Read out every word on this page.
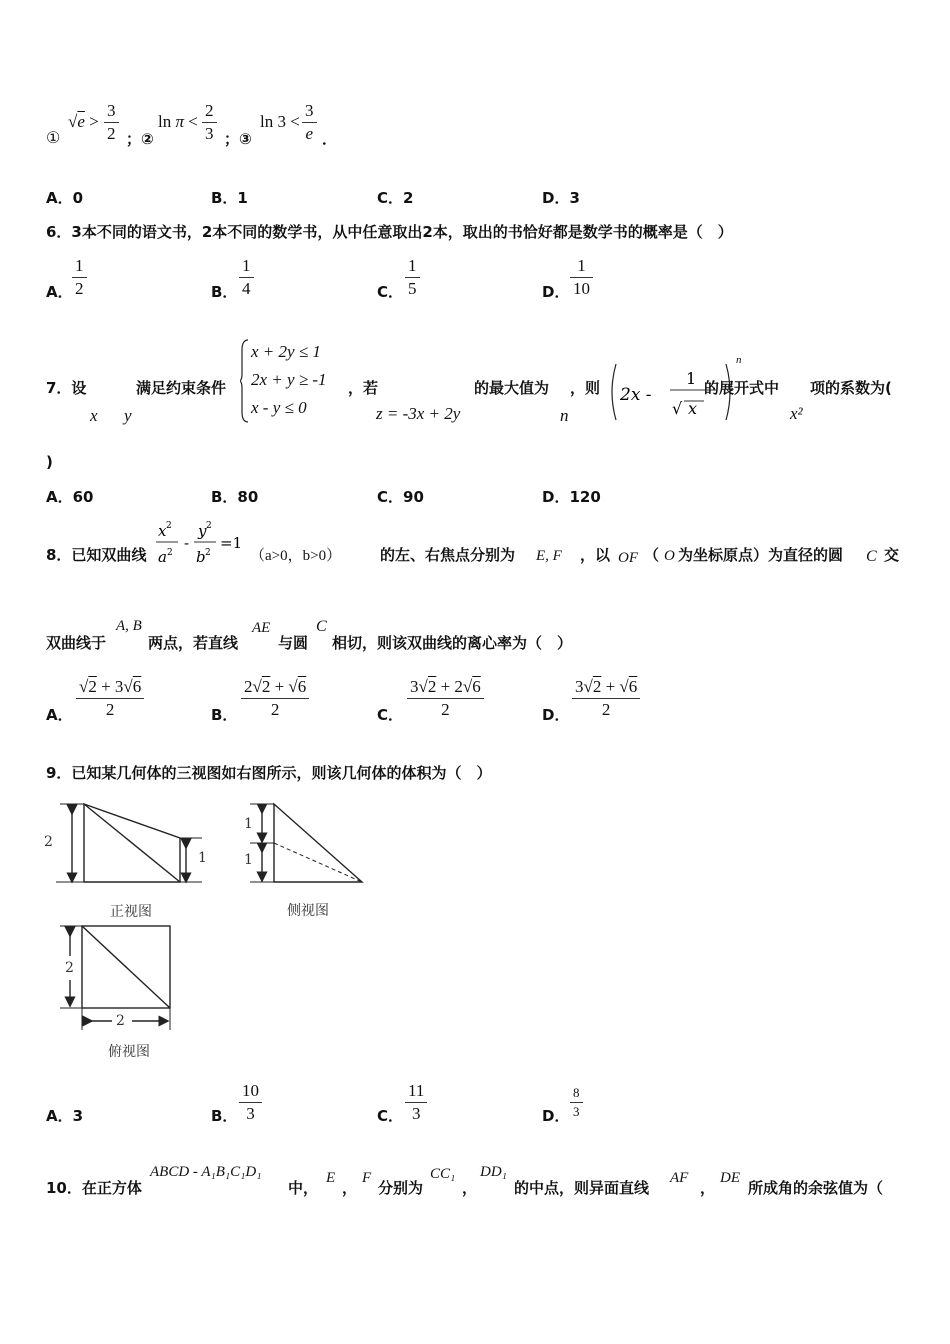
①
$√e > \frac{3}{2}$ ；②
$\ln \pi < \frac{2}{3}$ ；③
$\ln 3 < \frac{3}{e}$ ．
A．0	B．1	C．2	D．3
6．3本不同的语文书，2本不同的数学书，从中任意取出2本，取出的书恰好都是数学书的概率是（　）
A． $\frac{1}{2}$	B． $\frac{1}{4}$	C． $\frac{1}{5}$	D． $\frac{1}{10}$
7．设
x y
满足约束条件
x + 2y ≤ 1
2x + y ≥ -1
x - y ≤ 0
，若
z = -3x + 2y
的最大值为
n
，则 2x -
1
√ x
n
的展开式中
x²
项的系数为(
)
A．60	B．80	C．90	D．120
8．已知双曲线
x 2
a 2
-
y 2
b 2
=1
（a>0，b>0）	的左、右焦点分别为 E, F ，以 OF （ O 为坐标原点）为直径的圆 C 交
双曲线于
A, B
两点，若直线
AE
与圆
C
相切，则该双曲线的离心率为（　）
A． $\frac{√2 + 3√6}{2}$	B． $\frac{2√2 + √6}{2}$	C． $\frac{3√2 + 2√6}{2}$	D． $\frac{3√2 + √6}{2}$
9．已知某几何体的三视图如右图所示，则该几何体的体积为（　）
2
1
正视图
1
1
侧视图
2
2
俯视图
A．3	B． $\frac{10}{3}$	C． $\frac{11}{3}$	D． $\frac{8}{3}$
10．在正方体
ABCD - A₁B₁C₁D₁
中，
E
，
F
分别为
CC₁
，
DD₁
的中点，则异面直线
AF
，
DE
所成角的余弦值为（
